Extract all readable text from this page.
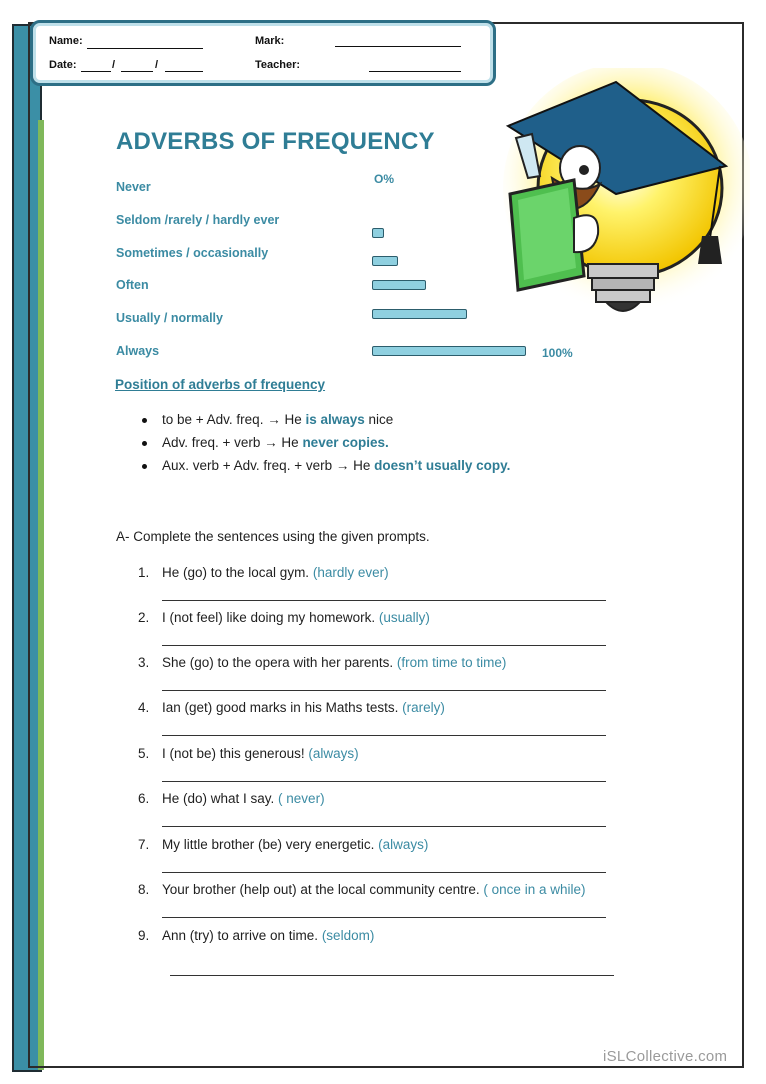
Name:	Mark:
Date:	/	/	Teacher:
ADVERBS OF FREQUENCY
O%
Never
Seldom /rarely / hardly ever
Sometimes / occasionally
Often
Usually / normally
Always	100%
Position of adverbs of frequency
to be + Adv. freq. → He is always nice
Adv. freq. + verb → He never copies.
Aux. verb + Adv. freq. + verb → He doesn’t usually copy.
A- Complete the sentences using the given prompts.
1. He (go) to the local gym. (hardly ever)
2. I (not feel) like doing my homework. (usually)
3. She (go) to the opera with her parents. (from time to time)
4. Ian (get) good marks in his Maths tests. (rarely)
5. I (not be) this generous! (always)
6. He (do) what I say. ( never)
7. My little brother (be) very energetic. (always)
8. Your brother (help out) at the local community centre. ( once in a while)
9. Ann (try) to arrive on time. (seldom)
iSLCollective.com
